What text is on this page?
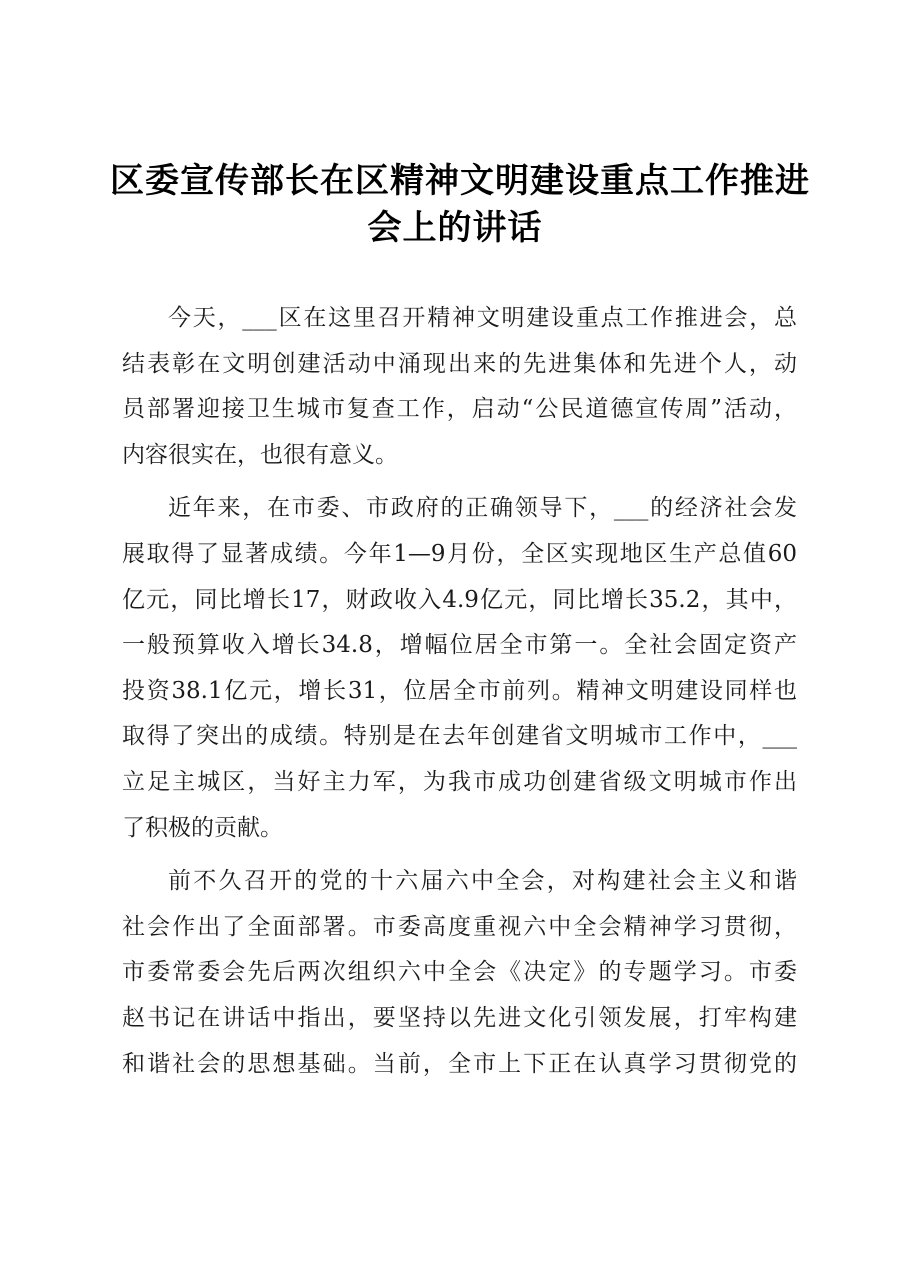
区委宣传部长在区精神文明建设重点工作推进
会上的讲话
今天，___区在这里召开精神文明建设重点工作推进会，总
结表彰在文明创建活动中涌现出来的先进集体和先进个人，动
员部署迎接卫生城市复查工作，启动“公民道德宣传周”活动，
内容很实在，也很有意义。
近年来，在市委、市政府的正确领导下，___的经济社会发
展取得了显著成绩。今年1—9月份，全区实现地区生产总值60
亿元，同比增长17，财政收入4.9亿元，同比增长35.2，其中，
一般预算收入增长34.8，增幅位居全市第一。全社会固定资产
投资38.1亿元，增长31，位居全市前列。精神文明建设同样也
取得了突出的成绩。特别是在去年创建省文明城市工作中，___
立足主城区，当好主力军，为我市成功创建省级文明城市作出
了积极的贡献。
前不久召开的党的十六届六中全会，对构建社会主义和谐
社会作出了全面部署。市委高度重视六中全会精神学习贯彻，
市委常委会先后两次组织六中全会《决定》的专题学习。市委
赵书记在讲话中指出，要坚持以先进文化引领发展，打牢构建
和谐社会的思想基础。当前，全市上下正在认真学习贯彻党的
